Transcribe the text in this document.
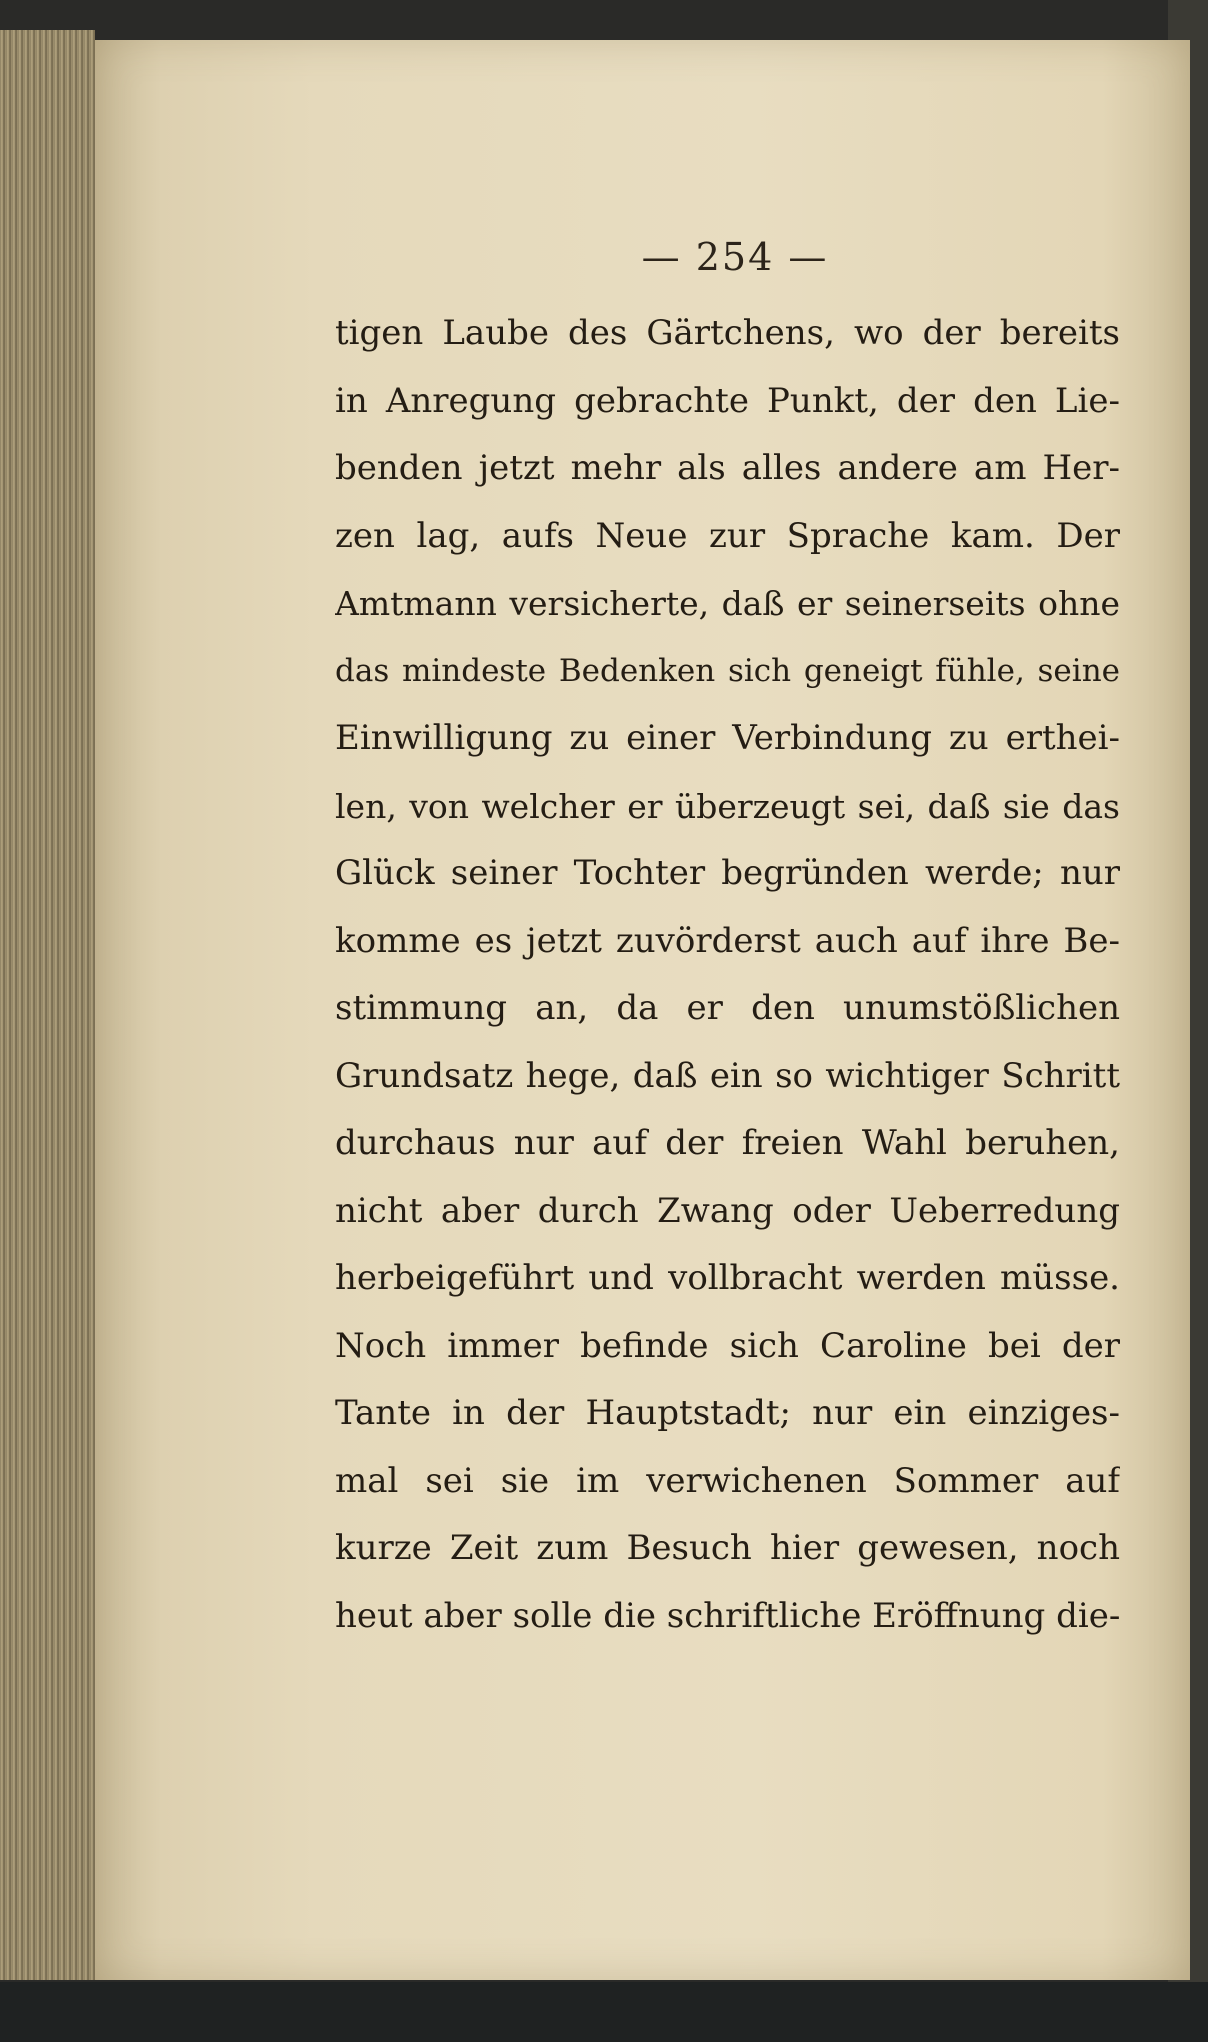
— 254 —
tigen Laube des Gärtchens, wo der bereits
in Anregung gebrachte Punkt, der den Lie-
benden jetzt mehr als alles andere am Her-
zen lag, aufs Neue zur Sprache kam. Der
Amtmann versicherte, daß er seinerseits ohne
das mindeste Bedenken sich geneigt fühle, seine
Einwilligung zu einer Verbindung zu erthei-
len, von welcher er überzeugt sei, daß sie das
Glück seiner Tochter begründen werde; nur
komme es jetzt zuvörderst auch auf ihre Be-
stimmung an, da er den unumstößlichen
Grundsatz hege, daß ein so wichtiger Schritt
durchaus nur auf der freien Wahl beruhen,
nicht aber durch Zwang oder Ueberredung
herbeigeführt und vollbracht werden müsse.
Noch immer befinde sich Caroline bei der
Tante in der Hauptstadt; nur ein einziges-
mal sei sie im verwichenen Sommer auf
kurze Zeit zum Besuch hier gewesen, noch
heut aber solle die schriftliche Eröffnung die-
